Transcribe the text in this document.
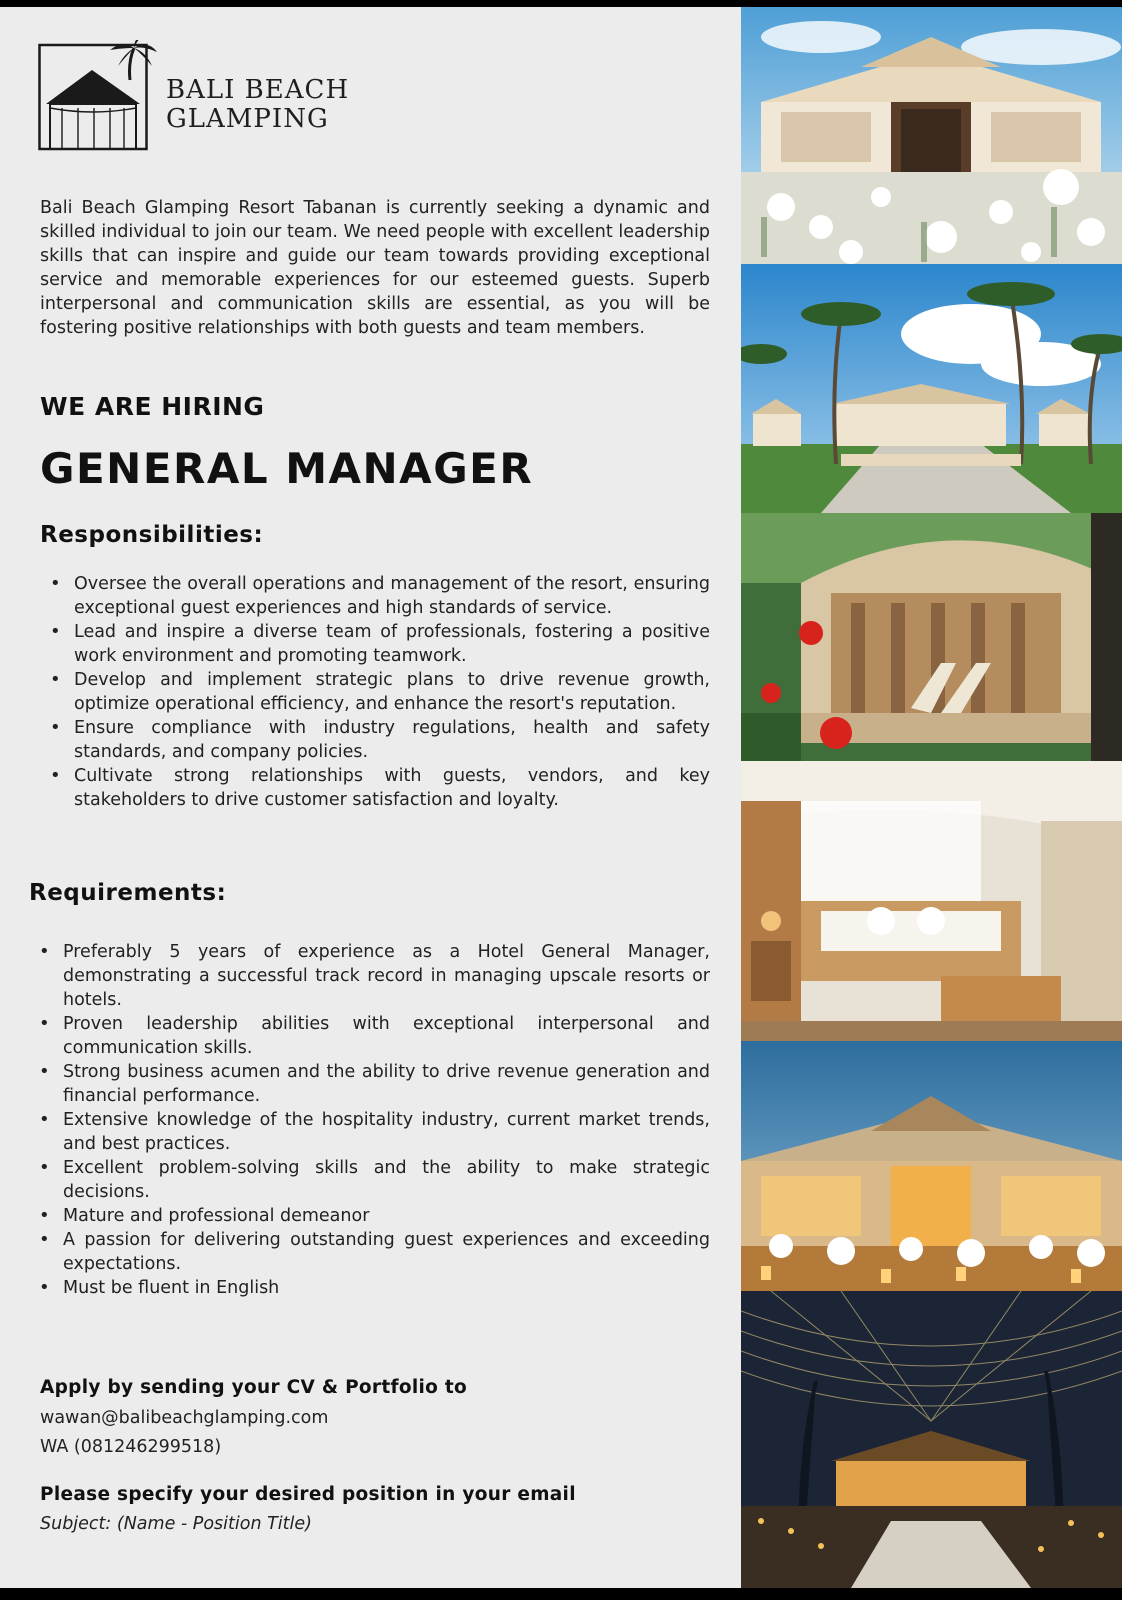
BALI BEACH
GLAMPING

Bali Beach Glamping Resort Tabanan is currently seeking a dynamic and skilled individual to join our team. We need people with excellent leadership skills that can inspire and guide our team towards providing exceptional service and memorable experiences for our esteemed guests. Superb interpersonal and communication skills are essential, as you will be fostering positive relationships with both guests and team members.

WE ARE HIRING

GENERAL MANAGER

Responsibilities:

• Oversee the overall operations and management of the resort, ensuring exceptional guest experiences and high standards of service.
• Lead and inspire a diverse team of professionals, fostering a positive work environment and promoting teamwork.
• Develop and implement strategic plans to drive revenue growth, optimize operational efficiency, and enhance the resort's reputation.
• Ensure compliance with industry regulations, health and safety standards, and company policies.
• Cultivate strong relationships with guests, vendors, and key stakeholders to drive customer satisfaction and loyalty.

Requirements:

• Preferably 5 years of experience as a Hotel General Manager, demonstrating a successful track record in managing upscale resorts or hotels.
• Proven leadership abilities with exceptional interpersonal and communication skills.
• Strong business acumen and the ability to drive revenue generation and financial performance.
• Extensive knowledge of the hospitality industry, current market trends, and best practices.
• Excellent problem-solving skills and the ability to make strategic decisions.
• Mature and professional demeanor
• A passion for delivering outstanding guest experiences and exceeding expectations.
• Must be fluent in English

Apply by sending your CV & Portfolio to

wawan@balibeachglamping.com

WA (081246299518)

Please specify your desired position in your email

Subject: (Name - Position Title)
